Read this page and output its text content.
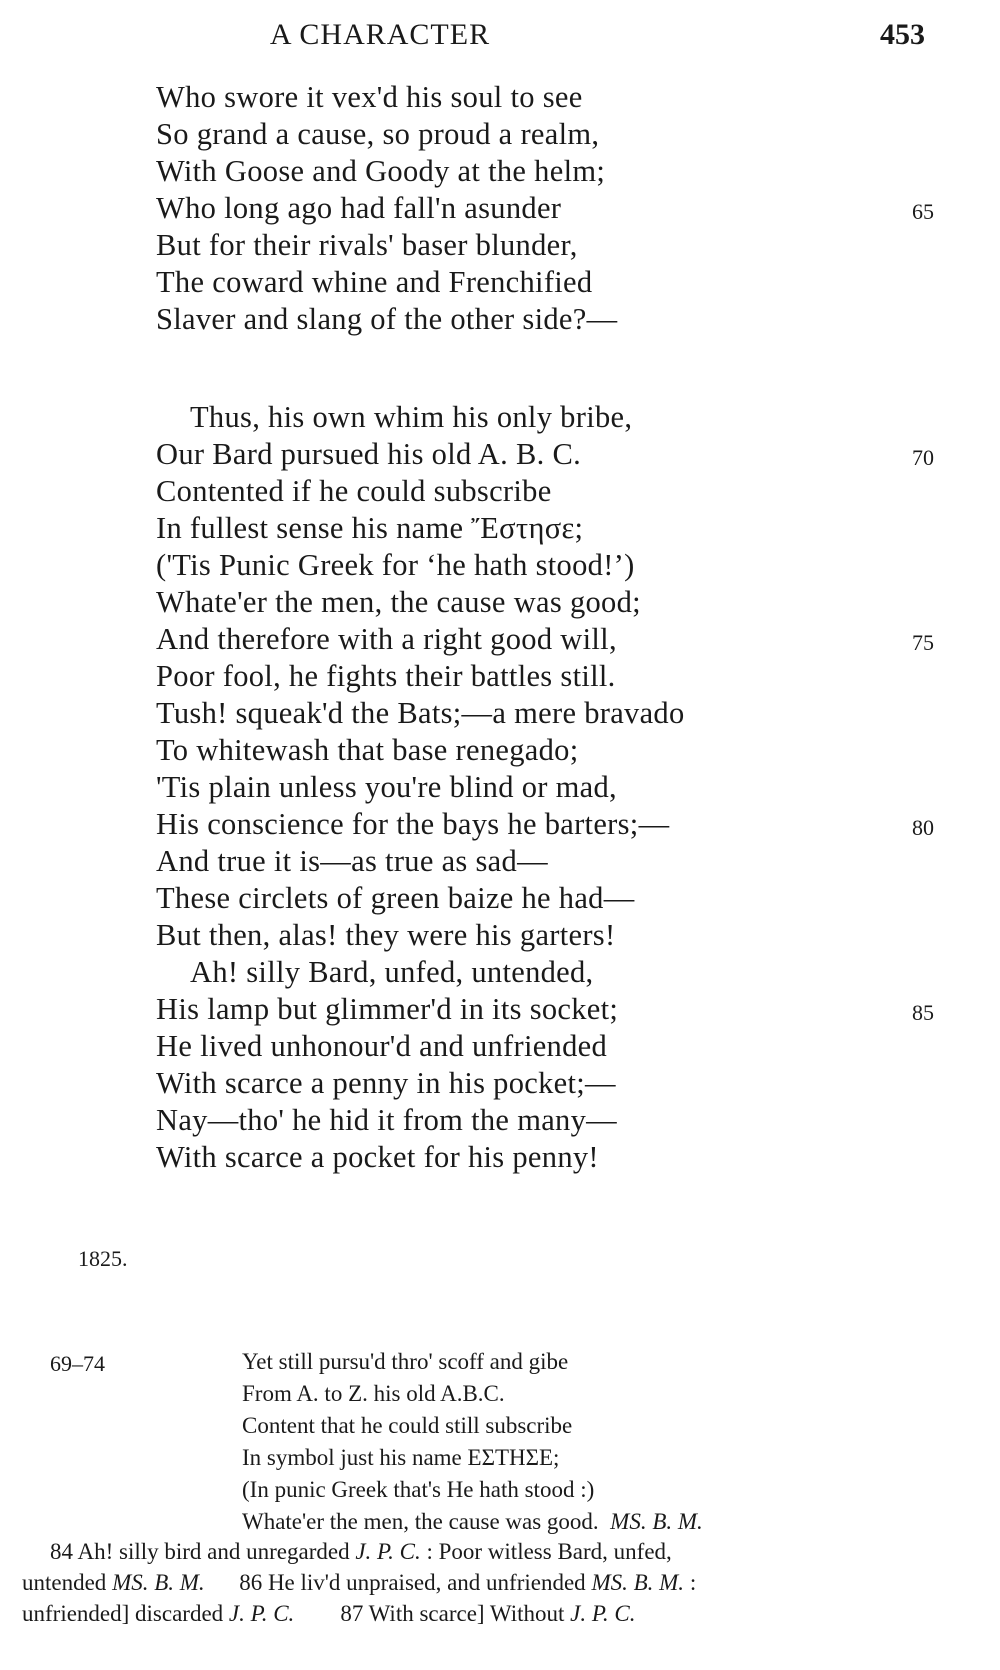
A CHARACTER	453
Who swore it vex'd his soul to see
So grand a cause, so proud a realm,
With Goose and Goody at the helm;
Who long ago had fall'n asunder
But for their rivals' baser blunder,
The coward whine and Frenchified
Slaver and slang of the other side?—
65
Thus, his own whim his only bribe,
Our Bard pursued his old A. B. C.
Contented if he could subscribe
In fullest sense his name Ἔστησε;
('Tis Punic Greek for ‘he hath stood!’)
Whate'er the men, the cause was good;
And therefore with a right good will,
Poor fool, he fights their battles still.
Tush! squeak'd the Bats;—a mere bravado
To whitewash that base renegado;
'Tis plain unless you're blind or mad,
His conscience for the bays he barters;—
And true it is—as true as sad—
These circlets of green baize he had—
But then, alas! they were his garters!
Ah! silly Bard, unfed, untended,
His lamp but glimmer'd in its socket;
He lived unhonour'd and unfriended
With scarce a penny in his pocket;—
Nay—tho' he hid it from the many—
With scarce a pocket for his penny!
70
75
80
85
1825.
69–74	Yet still pursu'd thro' scoff and gibe
From A. to Z. his old A.B.C.
Content that he could still subscribe
In symbol just his name ΕΣΤΗΣΕ;
(In punic Greek that's He hath stood :)
Whate'er the men, the cause was good. MS. B. M.
84 Ah! silly bird and unregarded J. P. C. : Poor witless Bard, unfed,
untended MS. B. M. 86 He liv'd unpraised, and unfriended MS. B. M. :
unfriended] discarded J. P. C. 87 With scarce] Without J. P. C.
